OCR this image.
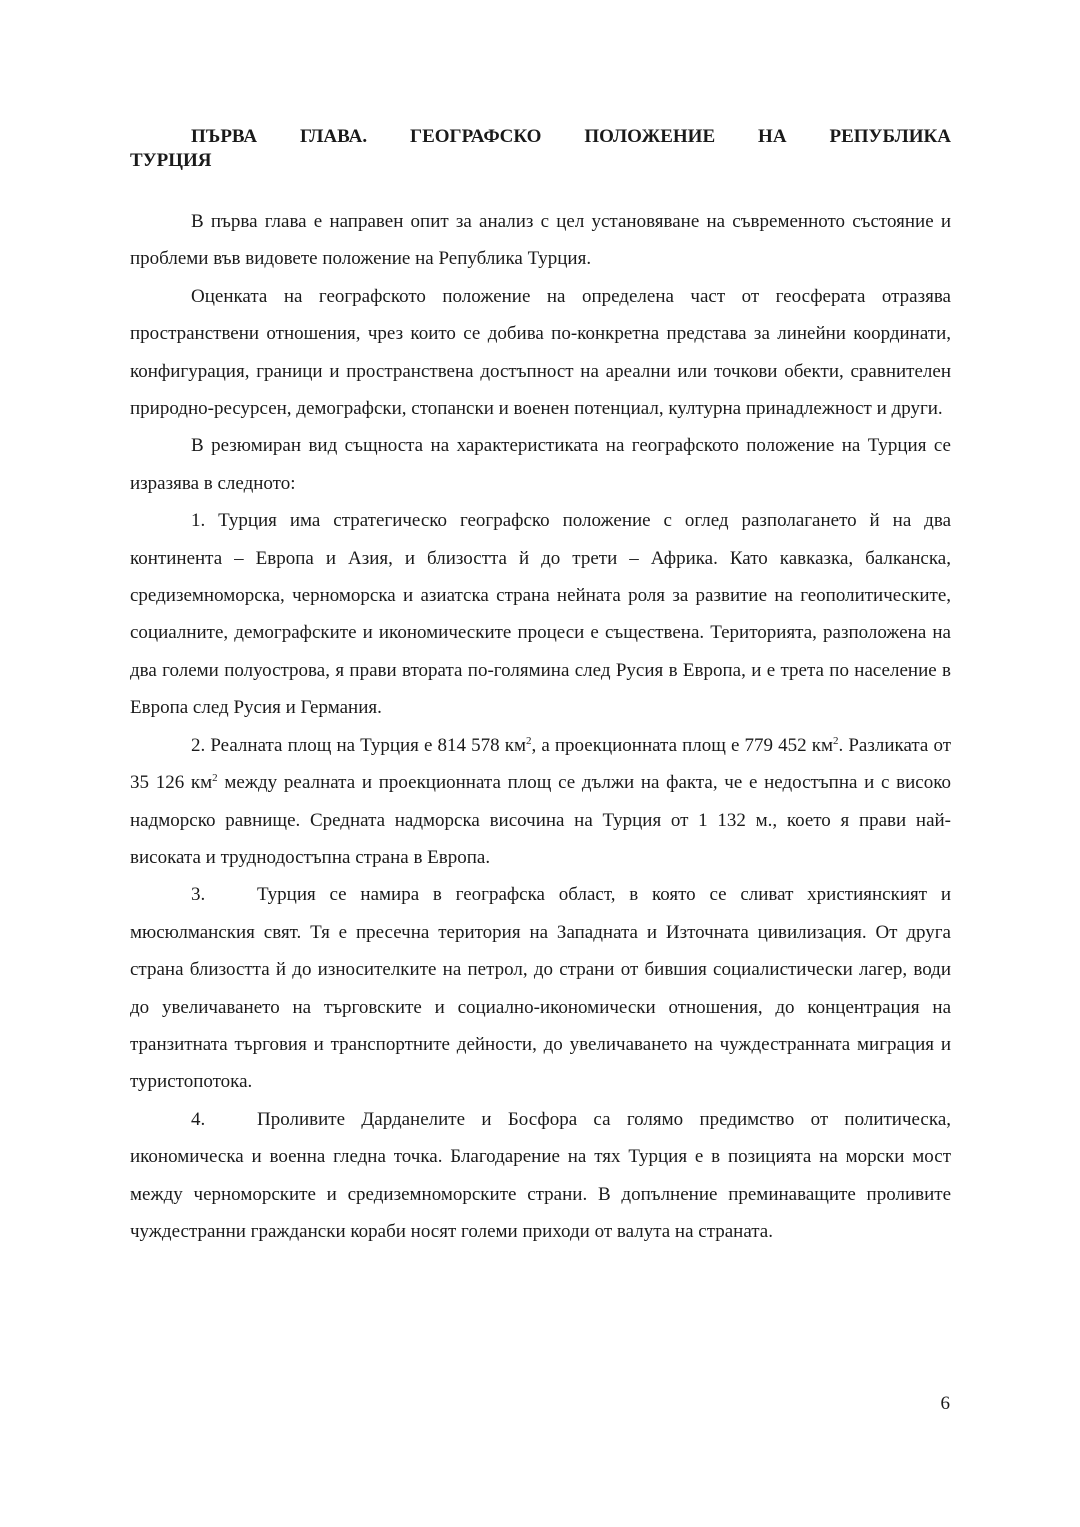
ПЪРВА ГЛАВА. ГЕОГРАФСКО ПОЛОЖЕНИЕ НА РЕПУБЛИКА
ТУРЦИЯ

В първа глава е направен опит за анализ с цел установяване на съвременното състояние и проблеми във видовете положение на Република Турция.

Оценката на географското положение на определена част от геосферата отразява пространствени отношения, чрез които се добива по-конкретна представа за линейни координати, конфигурация, граници и пространствена достъпност на ареални или точкови обекти, сравнителен природно-ресурсен, демографски, стопански и военен потенциал, културна принадлежност и други.

В резюмиран вид същноста на характеристиката на географското положение на Турция се изразява в следното:

1. Турция има стратегическо географско положение с оглед разполагането й на два континента – Европа и Азия, и близостта й до трети – Африка. Като кавказка, балканска, средиземноморска, черноморска и азиатска страна нейната роля за развитие на геополитическите, социалните, демографските и икономическите процеси е съществена. Територията, разположена на два големи полуострова, я прави втората по-голямина след Русия в Европа, и е трета по население в Европа след Русия и Германия.

2. Реалната площ на Турция е 814 578 $км^2$, а проекционната площ е 779 452 $км^2$. Разликата от 35 126 $км^2$ между реалната и проекционната площ се дължи на факта, че е недостъпна и с високо надморско равнище. Средната надморска височина на Турция от 1 132 м., което я прави най-високата и труднодостъпна страна в Европа.

3.	Турция се намира в географска област, в която се сливат християнският и мюсюлманския свят. Тя е пресечна територия на Западната и Източната цивилизация. От друга страна близостта й до износителките на петрол, до страни от бившия социалистически лагер, води до увеличаването на търговските и социално-икономически отношения, до концентрация на транзитната търговия и транспортните дейности, до увеличаването на чуждестранната миграция и туристопотока.

4.	Проливите Дарданелите и Босфора са голямо предимство от политическа, икономическа и военна гледна точка. Благодарение на тях Турция е в позицията на морски мост между черноморските и средиземноморските страни. В допълнение преминаващите проливите чуждестранни граждански кораби носят големи приходи от валута на страната.

6
